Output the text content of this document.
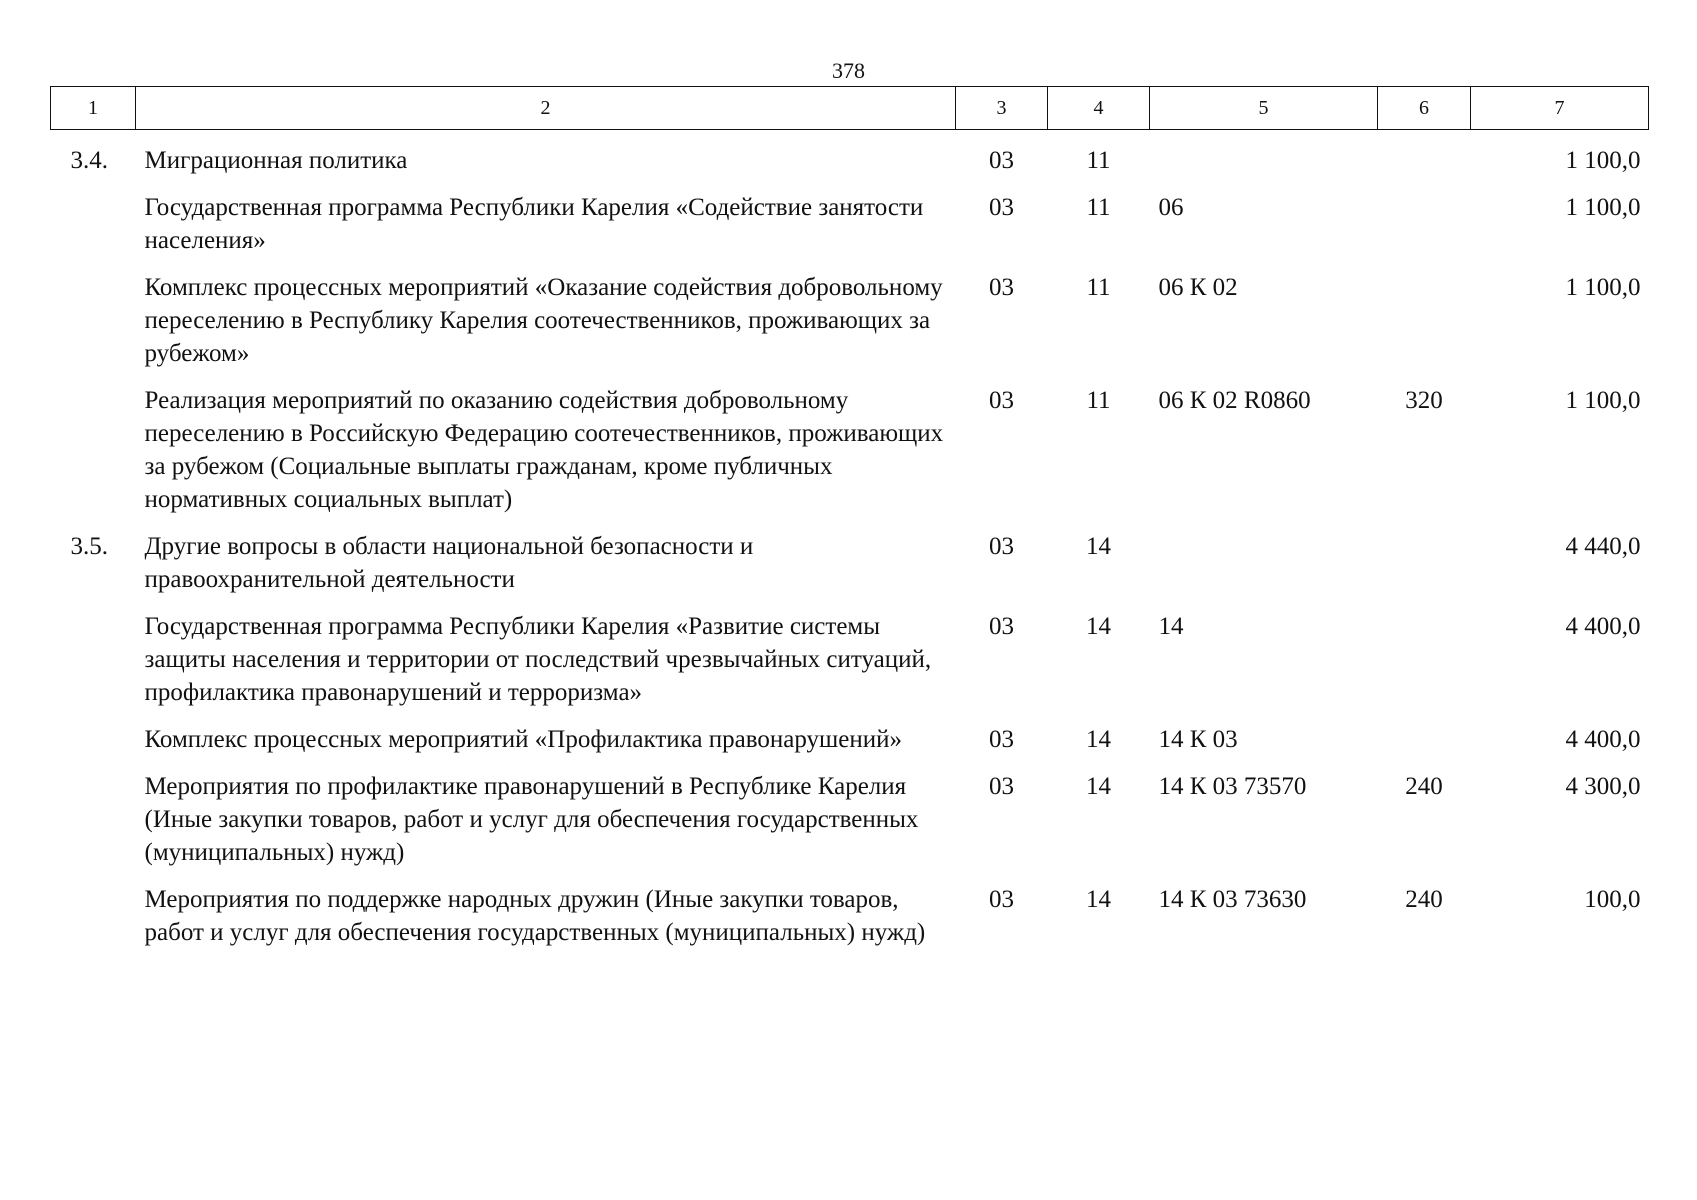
378
1	2	3	4	5	6	7
3.4.	Миграционная политика	03	11			1 100,0
	Государственная программа Республики Карелия «Содействие занятости населения»	03	11	06		1 100,0
	Комплекс процессных мероприятий «Оказание содействия добровольному переселению в Республику Карелия соотечественников, проживающих за рубежом»	03	11	06 К 02		1 100,0
	Реализация мероприятий по оказанию содействия добровольному переселению в Российскую Федерацию соотечественников, проживающих за рубежом (Социальные выплаты гражданам, кроме публичных нормативных социальных выплат)	03	11	06 К 02 R0860	320	1 100,0
3.5.	Другие вопросы в области национальной безопасности и правоохранительной деятельности	03	14			4 440,0
	Государственная программа Республики Карелия «Развитие системы защиты населения и территории от последствий чрезвычайных ситуаций, профилактика правонарушений и терроризма»	03	14	14		4 400,0
	Комплекс процессных мероприятий «Профилактика правонарушений»	03	14	14 К 03		4 400,0
	Мероприятия по профилактике правонарушений в Республике Карелия (Иные закупки товаров, работ и услуг для обеспечения государственных (муниципальных) нужд)	03	14	14 К 03 73570	240	4 300,0
	Мероприятия по поддержке народных дружин (Иные закупки товаров, работ и услуг для обеспечения государственных (муниципальных) нужд)	03	14	14 К 03 73630	240	100,0
